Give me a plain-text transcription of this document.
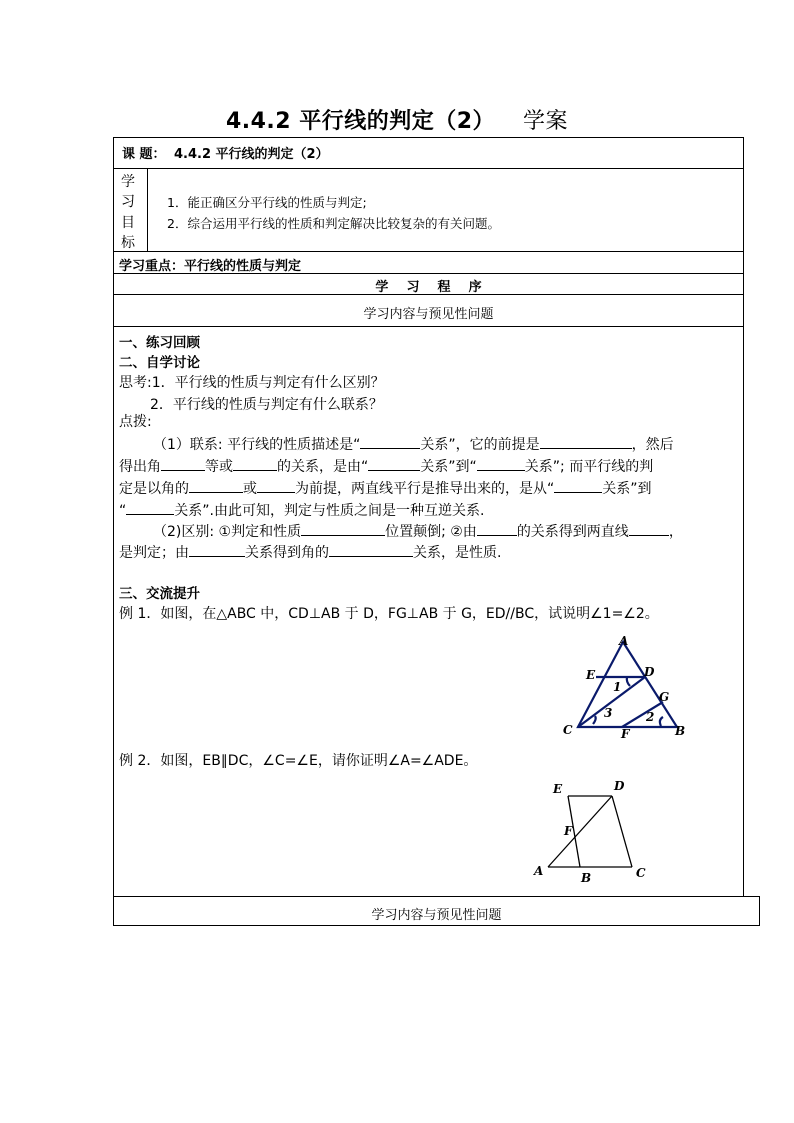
4.4.2 平行线的判定（2） 学案
课 题： 4.4.2 平行线的判定（2）
学
习
目
标
1．能正确区分平行线的性质与判定;
2．综合运用平行线的性质和判定解决比较复杂的有关问题。
学习重点：平行线的性质与判定
学    习    程    序
学习内容与预见性问题
一、练习回顾
二、自学讨论
思考:1．平行线的性质与判定有什么区别？
2．平行线的性质与判定有什么联系？
点拨:
（1）联系: 平行线的性质描述是“	关系”，它的前提是	，然后
得出角	等或	的关系，是由“	关系”到“	关系”; 而平行线的判
定是以角的	或	为前提，两直线平行是推导出来的，是从“	关系”到
“	关系”.由此可知，判定与性质之间是一种互逆关系.
（2)区别: ①判定和性质	位置颠倒; ②由	的关系得到两直线	，
是判定；由	关系得到角的	关系，是性质.
三、交流提升
例 1．如图，在△ABC 中，CD⊥AB 于 D，FG⊥AB 于 G，ED//BC，试说明∠1=∠2。
例 2．如图，EB∥DC，∠C=∠E，请你证明∠A=∠ADE。
A
E	D
1
G
3	2
C	F	B
E	D
F
A	B	C
学习内容与预见性问题
